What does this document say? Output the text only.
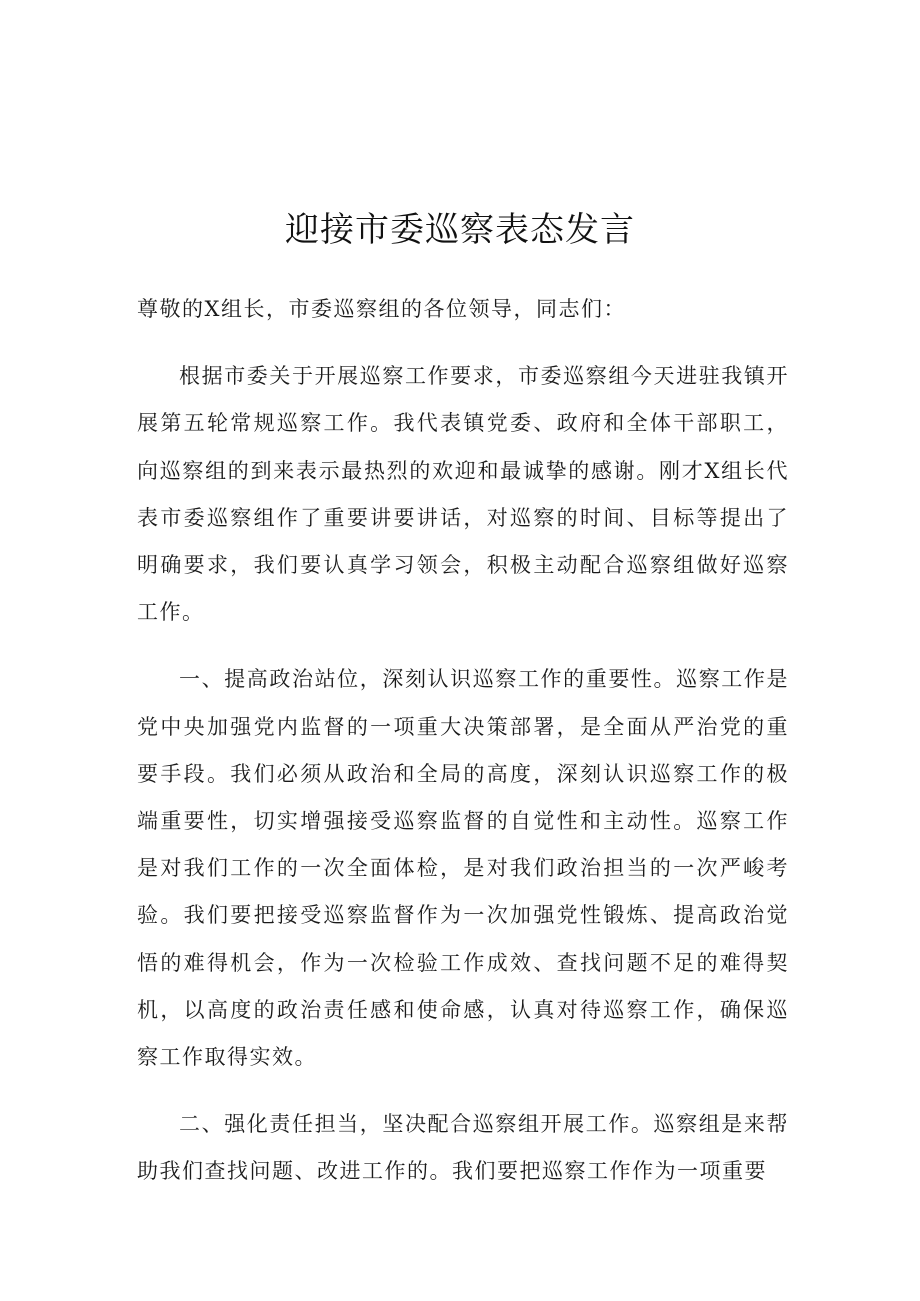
迎接市委巡察表态发言

尊敬的X组长，市委巡察组的各位领导，同志们：

根据市委关于开展巡察工作要求，市委巡察组今天进驻我镇开展第五轮常规巡察工作。我代表镇党委、政府和全体干部职工，向巡察组的到来表示最热烈的欢迎和最诚挚的感谢。刚才X组长代表市委巡察组作了重要讲要讲话，对巡察的时间、目标等提出了明确要求，我们要认真学习领会，积极主动配合巡察组做好巡察工作。

一、提高政治站位，深刻认识巡察工作的重要性。巡察工作是党中央加强党内监督的一项重大决策部署，是全面从严治党的重要手段。我们必须从政治和全局的高度，深刻认识巡察工作的极端重要性，切实增强接受巡察监督的自觉性和主动性。巡察工作是对我们工作的一次全面体检，是对我们政治担当的一次严峻考验。我们要把接受巡察监督作为一次加强党性锻炼、提高政治觉悟的难得机会，作为一次检验工作成效、查找问题不足的难得契机，以高度的政治责任感和使命感，认真对待巡察工作，确保巡察工作取得实效。

二、强化责任担当，坚决配合巡察组开展工作。巡察组是来帮助我们查找问题、改进工作的。我们要把巡察工作作为一项重要
